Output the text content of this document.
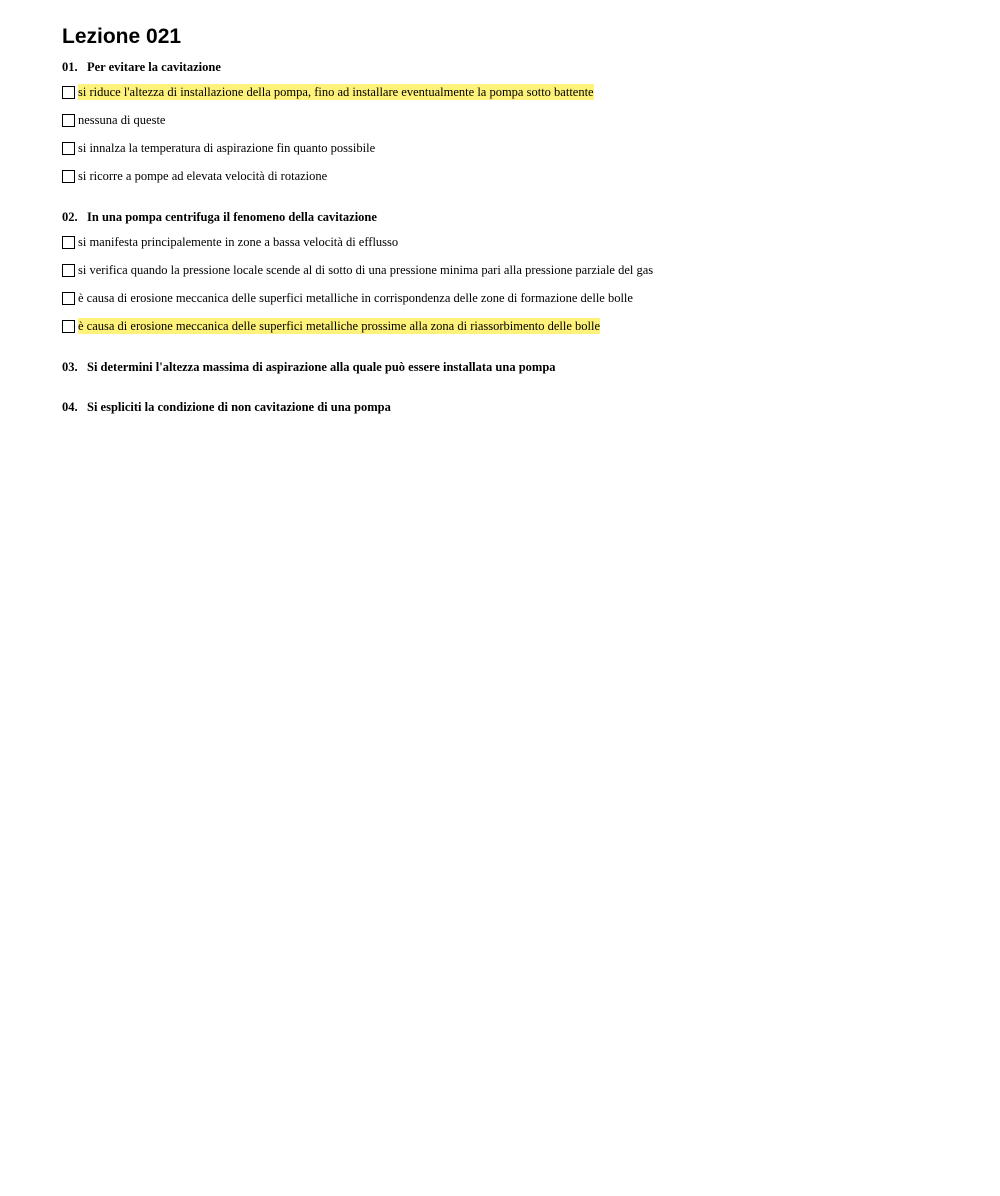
Lezione 021
01. Per evitare la cavitazione
si riduce l'altezza di installazione della pompa, fino ad installare eventualmente la pompa sotto battente
nessuna di queste
si innalza la temperatura di aspirazione fin quanto possibile
si ricorre a pompe ad elevata velocità di rotazione
02. In una pompa centrifuga il fenomeno della cavitazione
si manifesta principalemente in zone a bassa velocità di efflusso
si verifica quando la pressione locale scende al di sotto di una pressione minima pari alla pressione parziale del gas
è causa di erosione meccanica delle superfici metalliche in corrispondenza delle zone di formazione delle bolle
è causa di erosione meccanica delle superfici metalliche prossime alla zona di riassorbimento delle bolle
03. Si determini l'altezza massima di aspirazione alla quale può essere installata una pompa
04. Si espliciti la condizione di non cavitazione di una pompa
